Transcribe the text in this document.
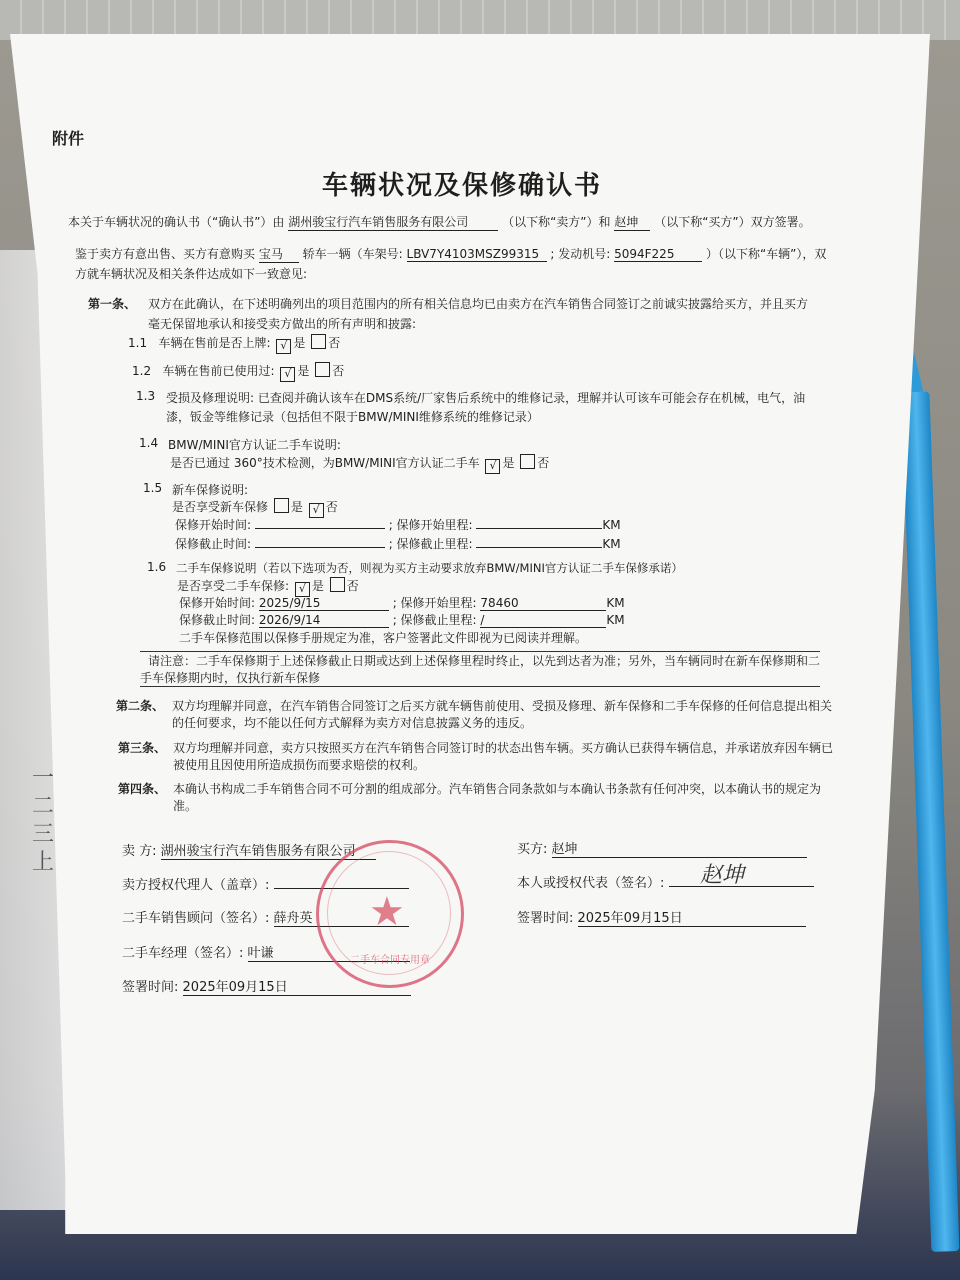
附件
车辆状况及保修确认书
本关于车辆状况的确认书（“确认书”）由 湖州骏宝行汽车销售服务有限公司	（以下称“卖方”）和 赵坤 （以下称“买方”）双方签署。
鉴于卖方有意出售、买方有意购买 宝马 轿车一辆（车架号: LBV7Y4103MSZ99315 ; 发动机号: 5094F225	）（以下称“车辆”），双
方就车辆状况及相关条件达成如下一致意见:
第一条、 双方在此确认，在下述明确列出的项目范围内的所有相关信息均已由卖方在汽车销售合同签订之前诚实披露给买方，并且买方
毫无保留地承认和接受卖方做出的所有声明和披露:
1.1 车辆在售前是否上牌: √ 是 否
1.2 车辆在售前已使用过: √ 是 否
1.3 受损及修理说明: 已查阅并确认该车在DMS系统/厂家售后系统中的维修记录，理解并认可该车可能会存在机械，电气，油
漆，钣金等维修记录（包括但不限于BMW/MINI维修系统的维修记录）
1.4 BMW/MINI官方认证二手车说明:
是否已通过 360°技术检测，为BMW/MINI官方认证二手车 √ 是 否
1.5 新车保修说明:
是否享受新车保修 是 √ 否
保修开始时间:	; 保修开始里程:	KM
保修截止时间:	; 保修截止里程:	KM
1.6 二手车保修说明（若以下选项为否，则视为买方主动要求放弃BMW/MINI官方认证二手车保修承诺）
是否享受二手车保修: √ 是 否
保修开始时间: 2025/9/15	; 保修开始里程: 78460	KM
保修截止时间: 2026/9/14	; 保修截止里程: /	KM
二手车保修范围以保修手册规定为准，客户签署此文件即视为已阅读并理解。
请注意：二手车保修期于上述保修截止日期或达到上述保修里程时终止，以先到达者为准；另外，当车辆同时在新车保修期和二
手车保修期内时，仅执行新车保修
第二条、 双方均理解并同意，在汽车销售合同签订之后买方就车辆售前使用、受损及修理、新车保修和二手车保修的任何信息提出相关
的任何要求，均不能以任何方式解释为卖方对信息披露义务的违反。
第三条、 双方均理解并同意，卖方只按照买方在汽车销售合同签订时的状态出售车辆。买方确认已获得车辆信息，并承诺放弃因车辆已
被使用且因使用所造成损伤而要求赔偿的权利。
第四条、 本确认书构成二手车销售合同不可分割的组成部分。汽车销售合同条款如与本确认书条款有任何冲突，以本确认书的规定为
准。
卖 方: 湖州骏宝行汽车销售服务有限公司
卖方授权代理人（盖章）:
二手车销售顾问（签名）: 薛舟英
二手车经理（签名）: 叶谦
签署时间: 2025年09月15日
买方: 赵坤
本人或授权代表（签名）:	赵坤
签署时间: 2025年09月15日
★
二手车合同专用章
一
二
三
上
